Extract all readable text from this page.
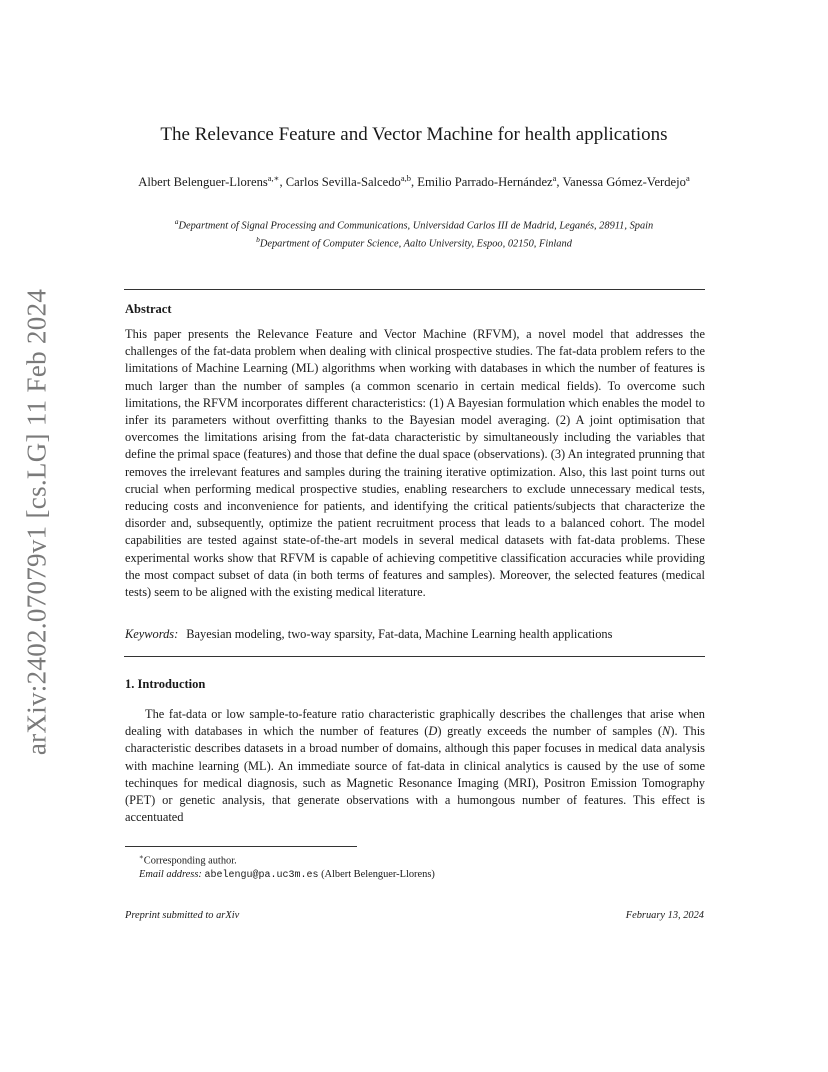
arXiv:2402.07079v1 [cs.LG] 11 Feb 2024
The Relevance Feature and Vector Machine for health applications
Albert Belenguer-Llorens$^{a,∗}$, Carlos Sevilla-Salcedo$^{a,b}$, Emilio Parrado-Hernández$^a$, Vanessa Gómez-Verdejo$^a$
$^a$Department of Signal Processing and Communications, Universidad Carlos III de Madrid, Leganés, 28911, Spain
$^b$Department of Computer Science, Aalto University, Espoo, 02150, Finland
Abstract
This paper presents the Relevance Feature and Vector Machine (RFVM), a novel model that addresses the challenges of the fat-data problem when dealing with clinical prospective studies. The fat-data problem refers to the limitations of Machine Learning (ML) algorithms when working with databases in which the number of features is much larger than the number of samples (a common scenario in certain medical fields). To overcome such limitations, the RFVM incorporates different characteristics: (1) A Bayesian formulation which enables the model to infer its parameters without overfitting thanks to the Bayesian model averaging. (2) A joint optimisation that overcomes the limitations arising from the fat-data characteristic by simultaneously including the variables that define the primal space (features) and those that define the dual space (observations). (3) An integrated prunning that removes the irrelevant features and samples during the training iterative optimization. Also, this last point turns out crucial when performing medical prospective studies, enabling researchers to exclude unnecessary medical tests, reducing costs and inconvenience for patients, and identifying the critical patients/subjects that characterize the disorder and, subsequently, optimize the patient recruitment process that leads to a balanced cohort. The model capabilities are tested against state-of-the-art models in several medical datasets with fat-data problems. These experimental works show that RFVM is capable of achieving competitive classification accuracies while providing the most compact subset of data (in both terms of features and samples). Moreover, the selected features (medical tests) seem to be aligned with the existing medical literature.
Keywords: Bayesian modeling, two-way sparsity, Fat-data, Machine Learning health applications
1. Introduction
The fat-data or low sample-to-feature ratio characteristic graphically describes the challenges that arise when dealing with databases in which the number of features (D) greatly exceeds the number of samples (N). This characteristic describes datasets in a broad number of domains, although this paper focuses in medical data analysis with machine learning (ML). An immediate source of fat-data in clinical analytics is caused by the use of some techinques for medical diagnosis, such as Magnetic Resonance Imaging (MRI), Positron Emission Tomography (PET) or genetic analysis, that generate observations with a humongous number of features. This effect is accentuated
∗Corresponding author.
Email address: abelengu@pa.uc3m.es (Albert Belenguer-Llorens)
Preprint submitted to arXiv	February 13, 2024
